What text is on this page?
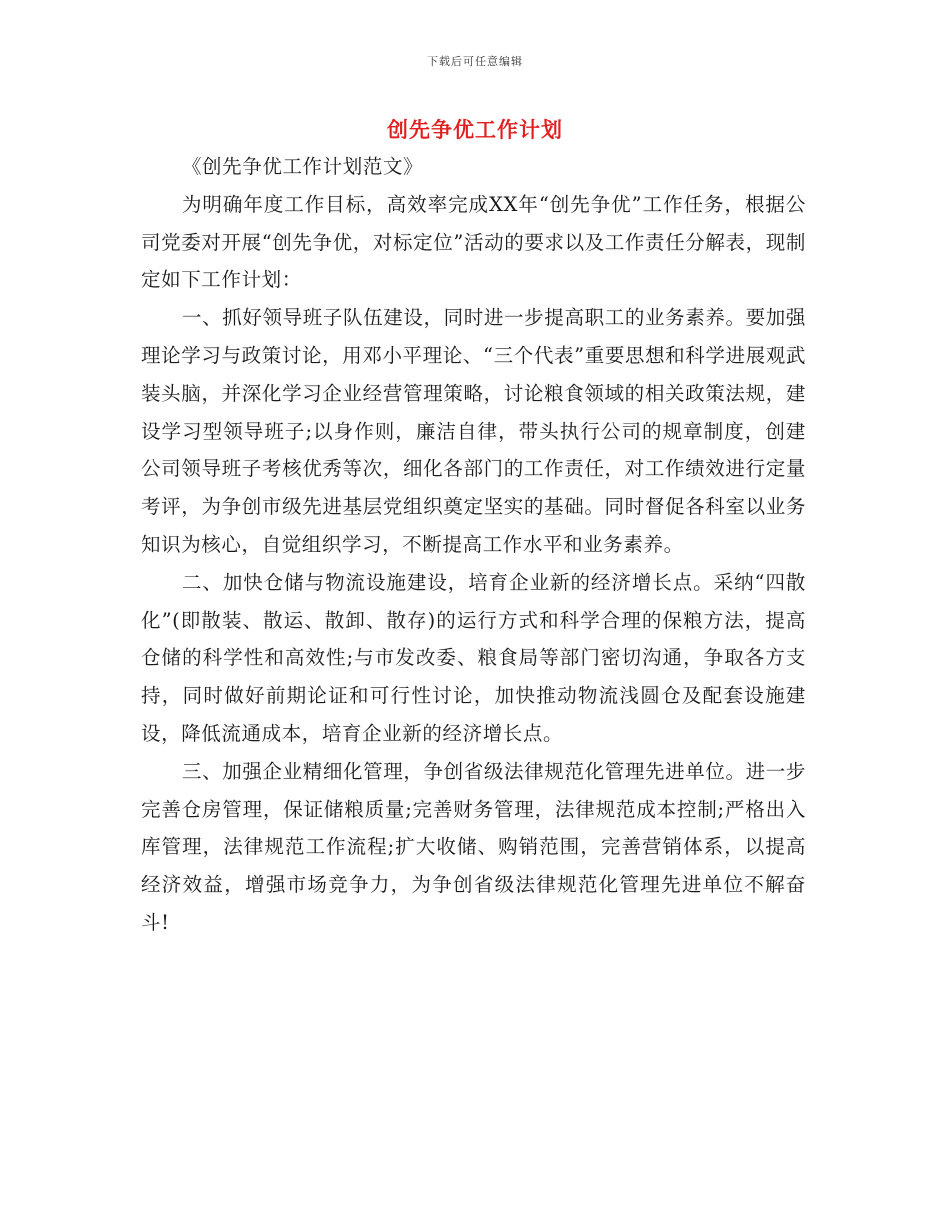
下载后可任意编辑
创先争优工作计划

《创先争优工作计划范文》

为明确年度工作目标，高效率完成XX年“创先争优”工作任务，根据公司党委对开展“创先争优，对标定位”活动的要求以及工作责任分解表，现制定如下工作计划：

一、抓好领导班子队伍建设，同时进一步提高职工的业务素养。要加强理论学习与政策讨论，用邓小平理论、“三个代表”重要思想和科学进展观武装头脑，并深化学习企业经营管理策略，讨论粮食领域的相关政策法规，建设学习型领导班子;以身作则，廉洁自律，带头执行公司的规章制度，创建公司领导班子考核优秀等次，细化各部门的工作责任，对工作绩效进行定量考评，为争创市级先进基层党组织奠定坚实的基础。同时督促各科室以业务知识为核心，自觉组织学习，不断提高工作水平和业务素养。

二、加快仓储与物流设施建设，培育企业新的经济增长点。采纳“四散化”(即散装、散运、散卸、散存)的运行方式和科学合理的保粮方法，提高仓储的科学性和高效性;与市发改委、粮食局等部门密切沟通，争取各方支持，同时做好前期论证和可行性讨论，加快推动物流浅圆仓及配套设施建设，降低流通成本，培育企业新的经济增长点。

三、加强企业精细化管理，争创省级法律规范化管理先进单位。进一步完善仓房管理，保证储粮质量;完善财务管理，法律规范成本控制;严格出入库管理，法律规范工作流程;扩大收储、购销范围，完善营销体系，以提高经济效益，增强市场竞争力，为争创省级法律规范化管理先进单位不解奋斗!
